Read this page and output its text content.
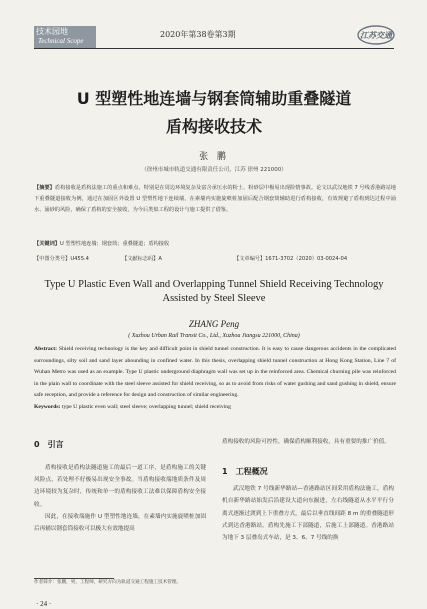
技术园地
Technical Scope
2020年第38卷第3期	江苏交通
U 型塑性地连墙与钢套筒辅助重叠隧道
盾构接收技术
张 鹏
（徐州市城市轨道交通有限责任公司，江苏 徐州 221000）
【摘要】盾构接收是盾构法施工的重点和难点，特别是在周边环境复杂及富含承压水的粉土、粉砂层中极易出现险情事故。论文以武汉地铁 7 号线香港路站地下重叠隧道接收为例，通过在加固区外设置 U 型塑性地下连续墙，在素墙内实施旋喷桩加固后配合钢套筒辅助进行盾构接收，有效规避了盾构到达过程中涌水、涌砂的风险，确保了盾构的安全接收，为今后类似工程的设计与施工提供了借鉴。
【关键词】U 型塑性地连墙；钢套筒；重叠隧道；盾构接收
【中图分类号】U455.4	【文献标志码】A	【文章编号】1671-3702（2020）03-0024-04
Type U Plastic Even Wall and Overlapping Tunnel Shield Receiving Technology
Assisted by Steel Sleeve
ZHANG Peng
( Xuzhou Urban Rail Transit Co., Ltd., Xuzhou Jiangsu 221000, China)
Abstract: Shield receiving technology is the key and difficult point in shield tunnel construction. It is easy to cause dangerous accidents in the complicated surroundings, silty soil and sand layer abounding in confined water. In this thesis, overlapping shield tunnel construction at Hong Kong Station, Line 7 of Wuhan Metro was used as an example. Type U plastic underground diaphragm wall was set up in the reinforced area. Chemical churning pile was reinforced in the plain wall to coordinate with the steel sleeve assisted for shield receiving, so as to avoid from risks of water gushing and sand gushing in shield, ensure safe reception, and provide a reference for design and construction of similar engineering.
Keywords: type U plastic even wall; steel sleeve; overlapping tunnel; shield receiving
0　引言

盾构接收是盾构法隧道施工的最后一道工序，是盾构施工的关键风险点，若处理不好极易出现安全事故。当盾构接收端地质条件及周边环境较为复杂时，传统和单一的盾构接收工法难以保障盾构安全接收。

因此，在接收端施作 U 型塑性地连墙，在素墙内实施旋喷桩加固后再辅以钢套筒接收可以极大有效地提高

盾构接收的风险可控性，确保盾构顺利接收，具有重要的推广价值。

1　工程概况

武汉地铁 7 号线新华路站—香港路站区间采用盾构法施工，盾构机自新华路站始发后沿建设大道向东掘进，左右线隧道从水平平行分离式逐渐过渡到上下重叠方式，最后以垂直线间距 8 m 的重叠隧道形式到达香港路站。盾构先施工下部隧道，后施工上部隧道。香港路站为地下 3 层叠岛式车站，是 3、6、7 号线的换

作者简介：张鹏，男，工程师，研究方向为轨道交通工程施工技术管理。
· 24 ·
